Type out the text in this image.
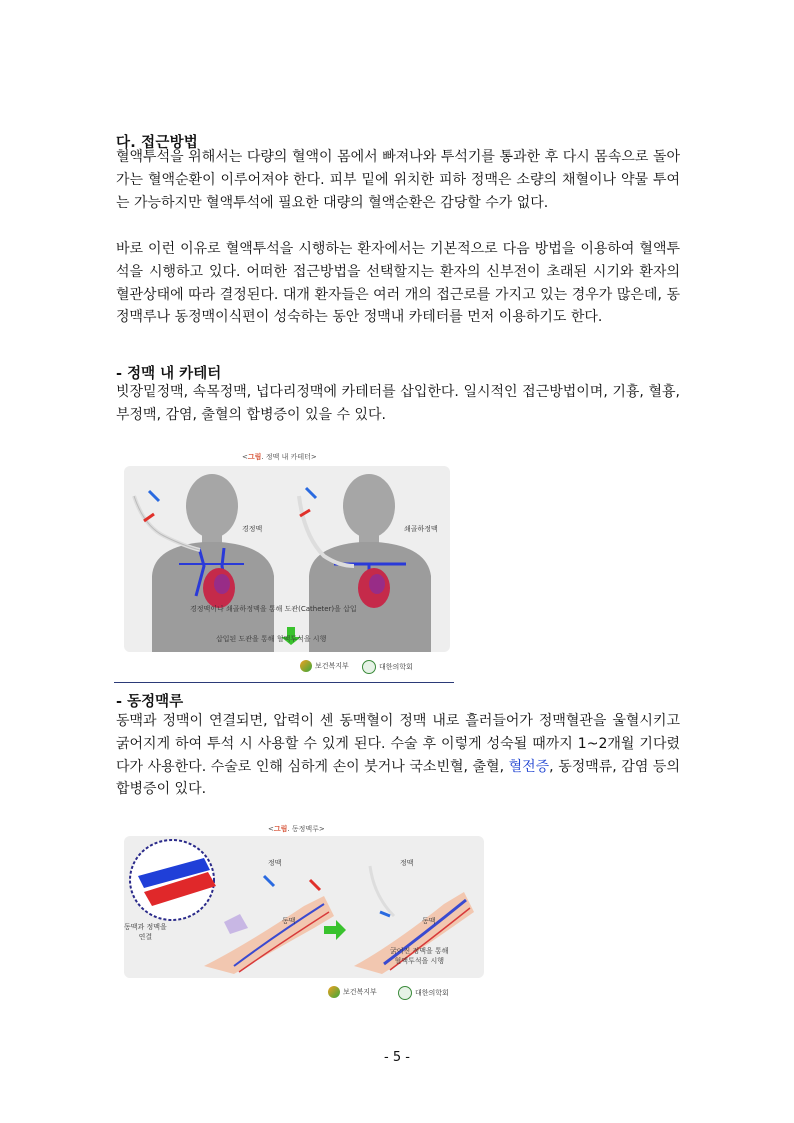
다. 접근방법

혈액투석을 위해서는 다량의 혈액이 몸에서 빠져나와 투석기를 통과한 후 다시 몸속으로 돌아가는 혈액순환이 이루어져야 한다. 피부 밑에 위치한 피하 정맥은 소량의 채혈이나 약물 투여는 가능하지만 혈액투석에 필요한 대량의 혈액순환은 감당할 수가 없다.

바로 이런 이유로 혈액투석을 시행하는 환자에서는 기본적으로 다음 방법을 이용하여 혈액투석을 시행하고 있다. 어떠한 접근방법을 선택할지는 환자의 신부전이 초래된 시기와 환자의 혈관상태에 따라 결정된다. 대개 환자들은 여러 개의 접근로를 가지고 있는 경우가 많은데, 동정맥루나 동정맥이식편이 성숙하는 동안 정맥내 카테터를 먼저 이용하기도 한다.

- 정맥 내 카테터

빗장밑정맥, 속목정맥, 넙다리정맥에 카테터를 삽입한다. 일시적인 접근방법이며, 기흉, 혈흉, 부정맥, 감염, 출혈의 합병증이 있을 수 있다.

<그림. 정맥 내 카테터>
경정맥	쇄골하정맥
경정맥이나 쇄골하정맥을 통해 도관(Catheter)을 삽입
삽입된 도관을 통해 혈액투석을 시행
보건복지부	대한의학회
- 동정맥루

동맥과 정맥이 연결되면, 압력이 센 동맥혈이 정맥 내로 흘러들어가 정맥혈관을 울혈시키고 굵어지게 하여 투석 시 사용할 수 있게 된다. 수술 후 이렇게 성숙될 때까지 1~2개월 기다렸다가 사용한다. 수술로 인해 심하게 손이 붓거나 국소빈혈, 출혈, 혈전증, 동정맥류, 감염 등의 합병증이 있다.

<그림. 동정맥루>
정맥
동맥
동맥과 정맥을
연결
정맥
동맥
굵어진 정맥을 통해
혈액투석을 시행
보건복지부	대한의학회
- 5 -
